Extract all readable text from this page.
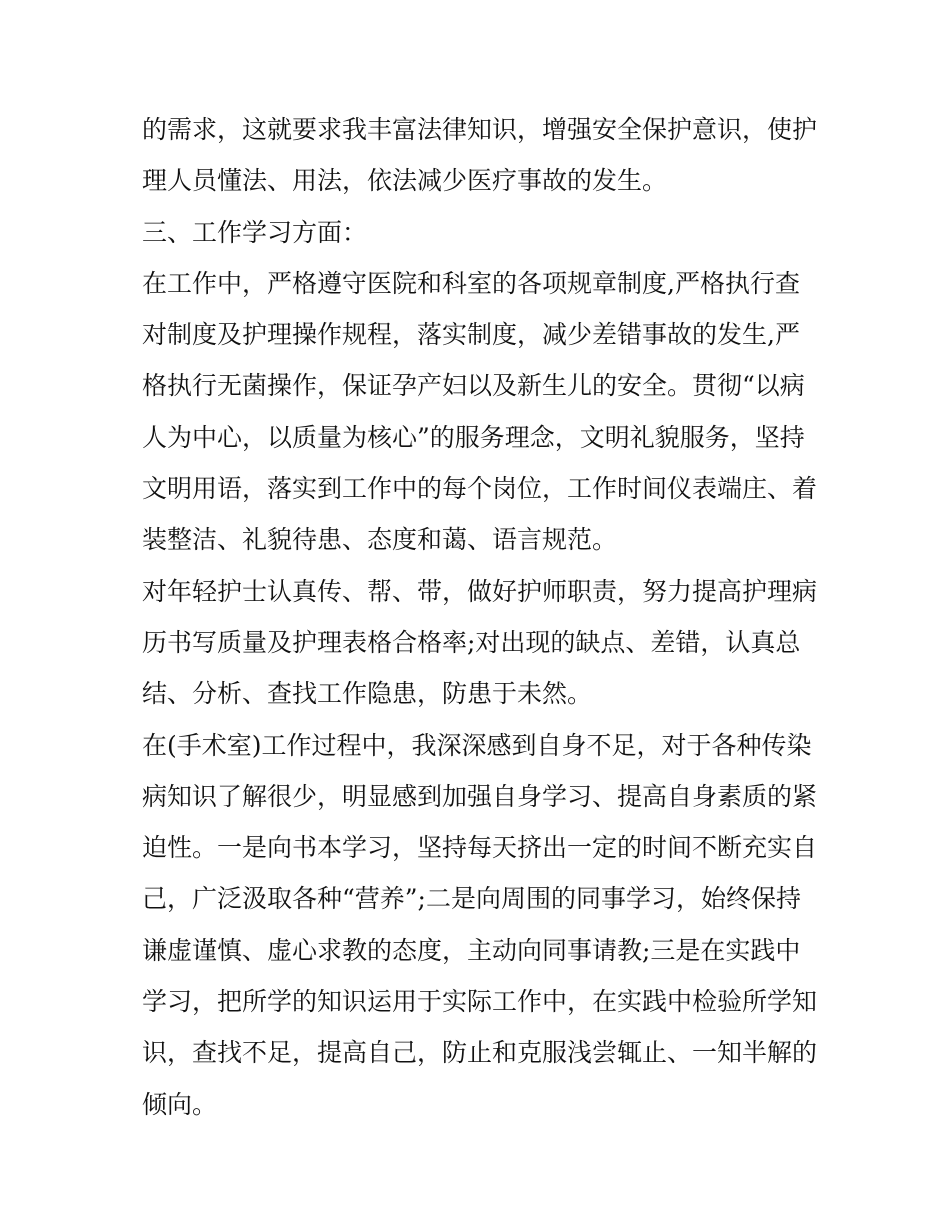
的需求，这就要求我丰富法律知识，增强安全保护意识，使护
理人员懂法、用法，依法减少医疗事故的发生。
三、工作学习方面：
在工作中，严格遵守医院和科室的各项规章制度,严格执行查
对制度及护理操作规程，落实制度，减少差错事故的发生,严
格执行无菌操作，保证孕产妇以及新生儿的安全。贯彻“以病
人为中心，以质量为核心”的服务理念，文明礼貌服务，坚持
文明用语，落实到工作中的每个岗位，工作时间仪表端庄、着
装整洁、礼貌待患、态度和蔼、语言规范。
对年轻护士认真传、帮、带，做好护师职责，努力提高护理病
历书写质量及护理表格合格率;对出现的缺点、差错，认真总
结、分析、查找工作隐患，防患于未然。
在(手术室)工作过程中，我深深感到自身不足，对于各种传染
病知识了解很少，明显感到加强自身学习、提高自身素质的紧
迫性。一是向书本学习，坚持每天挤出一定的时间不断充实自
己，广泛汲取各种“营养”;二是向周围的同事学习，始终保持
谦虚谨慎、虚心求教的态度，主动向同事请教;三是在实践中
学习，把所学的知识运用于实际工作中，在实践中检验所学知
识，查找不足，提高自己，防止和克服浅尝辄止、一知半解的
倾向。
